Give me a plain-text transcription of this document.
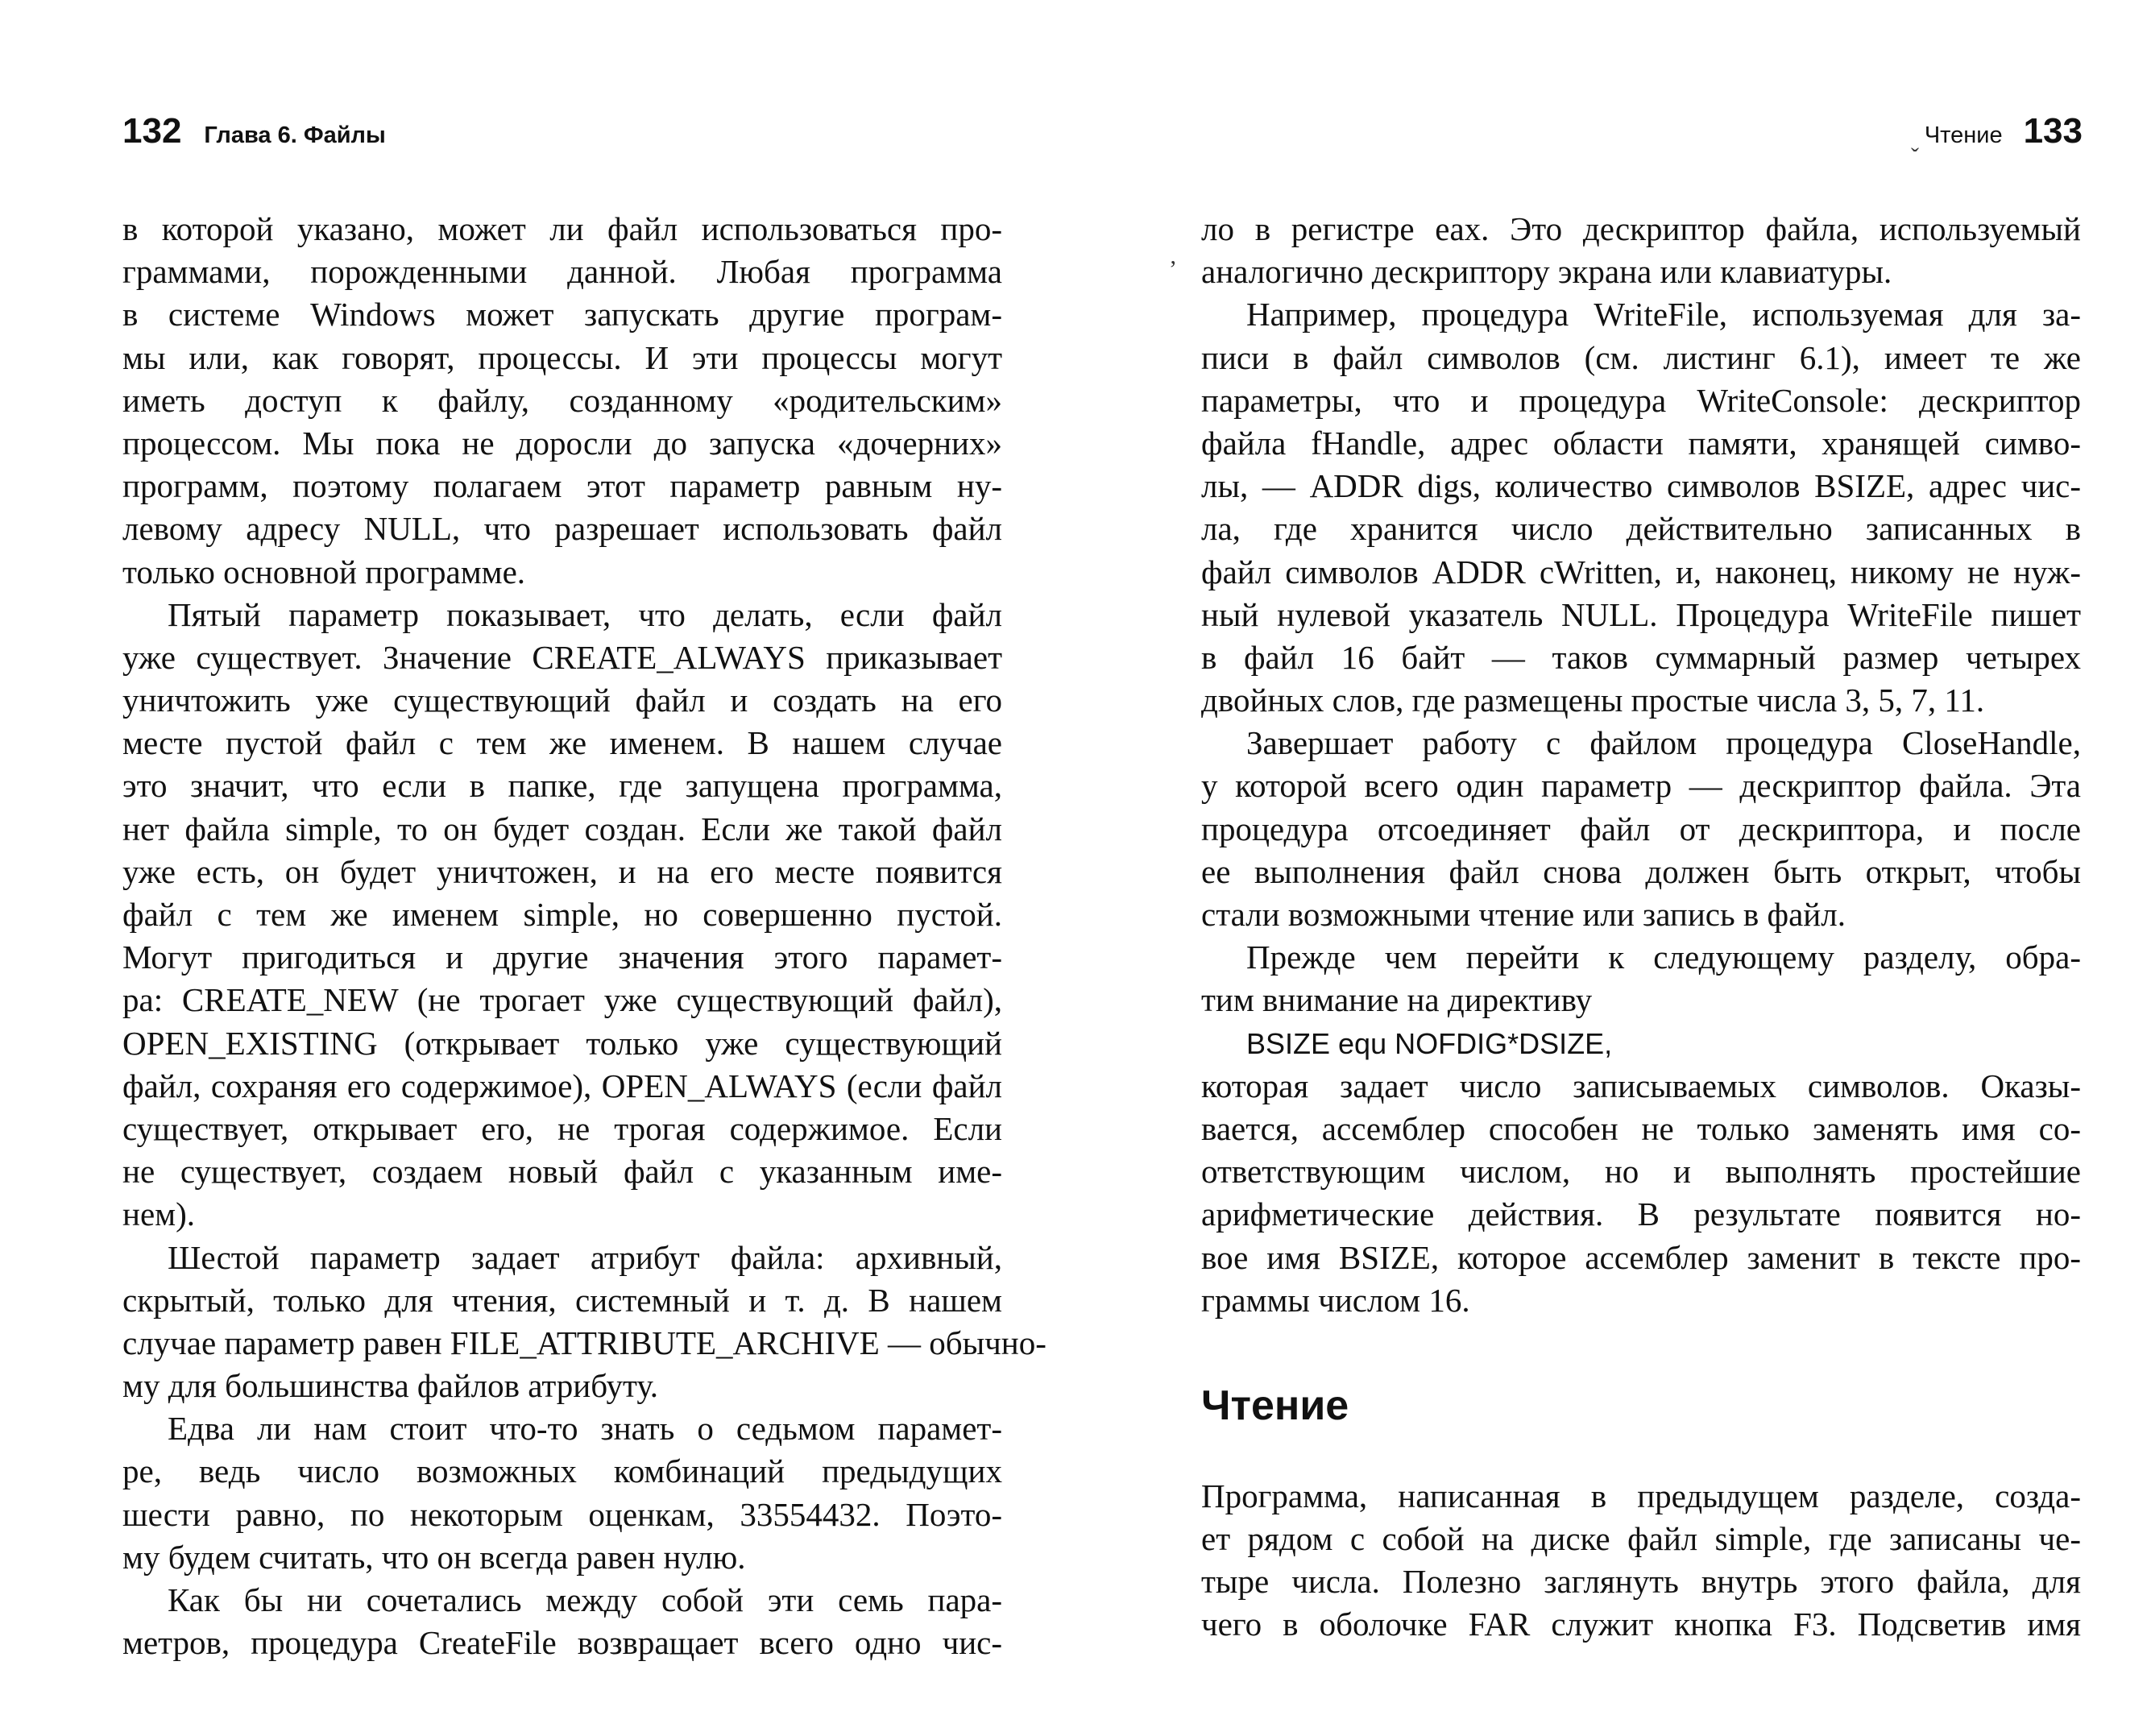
132 Глава 6. Файлы
в которой указано, может ли файл использоваться про-
граммами, порожденными данной. Любая программа
в системе Windows может запускать другие програм-
мы или, как говорят, процессы. И эти процессы могут
иметь доступ к файлу, созданному «родительским»
процессом. Мы пока не доросли до запуска «дочерних»
программ, поэтому полагаем этот параметр равным ну-
левому адресу NULL, что разрешает использовать файл
только основной программе.
Пятый параметр показывает, что делать, если файл
уже существует. Значение CREATE_ALWAYS приказывает
уничтожить уже существующий файл и создать на его
месте пустой файл с тем же именем. В нашем случае
это значит, что если в папке, где запущена программа,
нет файла simple, то он будет создан. Если же такой файл
уже есть, он будет уничтожен, и на его месте появится
файл с тем же именем simple, но совершенно пустой.
Могут пригодиться и другие значения этого парамет-
ра: CREATE_NEW (не трогает уже существующий файл),
OPEN_EXISTING (открывает только уже существующий
файл, сохраняя его содержимое), OPEN_ALWAYS (если файл
существует, открывает его, не трогая содержимое. Если
не существует, создаем новый файл с указанным име-
нем).
Шестой параметр задает атрибут файла: архивный,
скрытый, только для чтения, системный и т. д. В нашем
случае параметр равен FILE_ATTRIBUTE_ARCHIVE — обычно-
му для большинства файлов атрибуту.
Едва ли нам стоит что-то знать о седьмом парамет-
ре, ведь число возможных комбинаций предыдущих
шести равно, по некоторым оценкам, 33554432. Поэто-
му будем считать, что он всегда равен нулю.
Как бы ни сочетались между собой эти семь пара-
метров, процедура CreateFile возвращает всего одно чис-
ˇ
ʼ
Чтение 133
ло в регистре eax. Это дескриптор файла, используемый
аналогично дескриптору экрана или клавиатуры.
Например, процедура WriteFile, используемая для за-
писи в файл символов (см. листинг 6.1), имеет те же
параметры, что и процедура WriteConsole: дескриптор
файла fHandle, адрес области памяти, хранящей симво-
лы, — ADDR digs, количество символов BSIZE, адрес чис-
ла, где хранится число действительно записанных в
файл символов ADDR cWritten, и, наконец, никому не нуж-
ный нулевой указатель NULL. Процедура WriteFile пишет
в файл 16 байт — таков суммарный размер четырех
двойных слов, где размещены простые числа 3, 5, 7, 11.
Завершает работу с файлом процедура CloseHandle,
у которой всего один параметр — дескриптор файла. Эта
процедура отсоединяет файл от дескриптора, и после
ее выполнения файл снова должен быть открыт, чтобы
стали возможными чтение или запись в файл.
Прежде чем перейти к следующему разделу, обра-
тим внимание на директиву
BSIZE equ NOFDIG*DSIZE,
которая задает число записываемых символов. Оказы-
вается, ассемблер способен не только заменять имя со-
ответствующим числом, но и выполнять простейшие
арифметические действия. В результате появится но-
вое имя BSIZE, которое ассемблер заменит в тексте про-
граммы числом 16.
Чтение
Программа, написанная в предыдущем разделе, созда-
ет рядом с собой на диске файл simple, где записаны че-
тыре числа. Полезно заглянуть внутрь этого файла, для
чего в оболочке FAR служит кнопка F3. Подсветив имя
